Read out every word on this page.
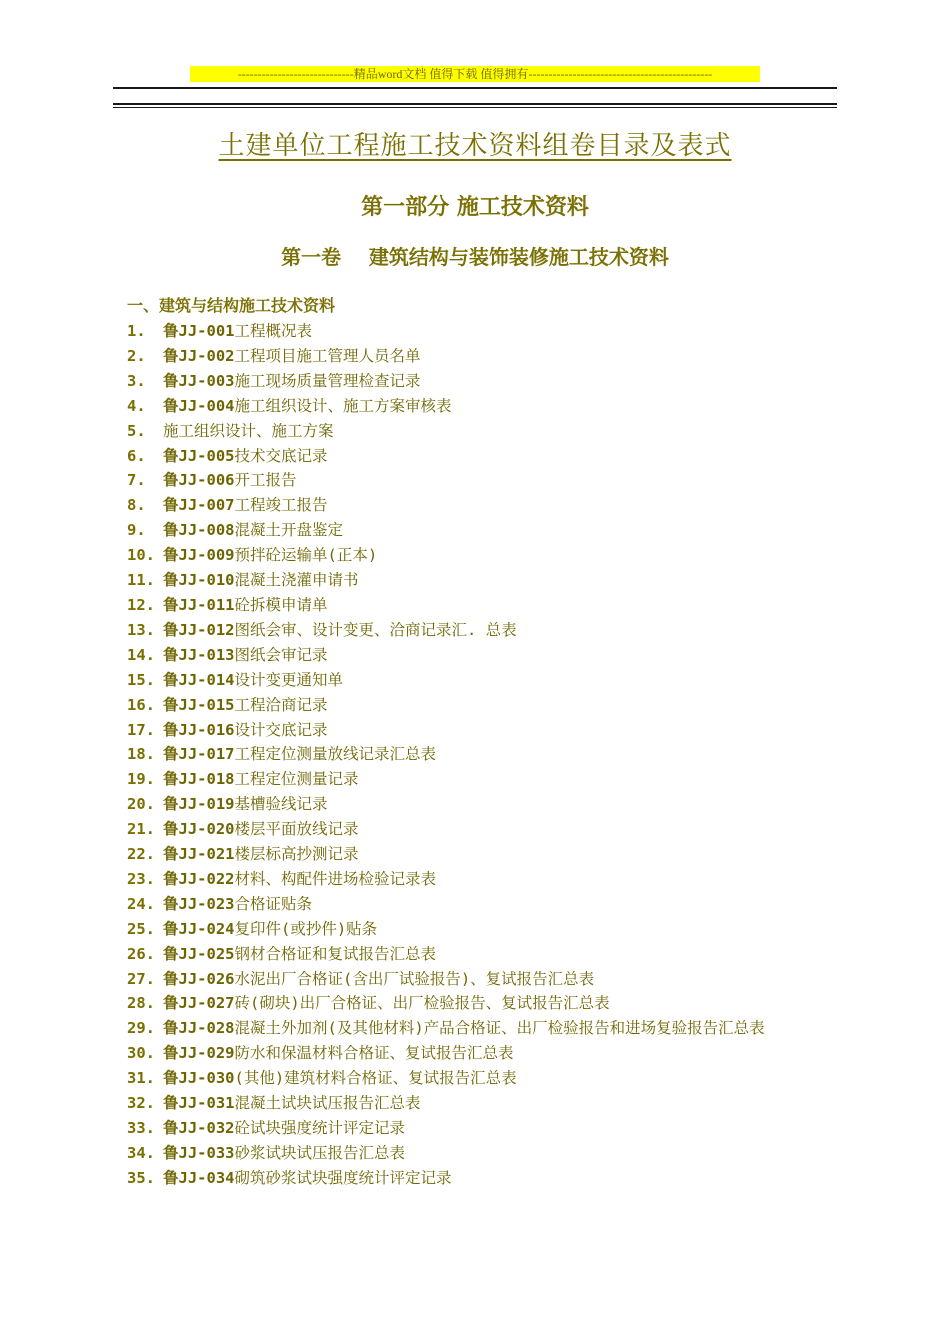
-----------------------------精品word文档 值得下载 值得拥有----------------------------------------------
土建单位工程施工技术资料组卷目录及表式
第一部分 施工技术资料
第一卷    建筑结构与装饰装修施工技术资料
一、建筑与结构施工技术资料
1.	鲁JJ-001工程概况表
2.	鲁JJ-002工程项目施工管理人员名单
3.	鲁JJ-003施工现场质量管理检查记录
4.	鲁JJ-004施工组织设计、施工方案审核表
5.	施工组织设计、施工方案
6.	鲁JJ-005技术交底记录
7.	鲁JJ-006开工报告
8.	鲁JJ-007工程竣工报告
9.	鲁JJ-008混凝土开盘鉴定
10. 鲁JJ-009预拌砼运输单(正本)
11. 鲁JJ-010混凝土浇灌申请书
12. 鲁JJ-011砼拆模申请单
13. 鲁JJ-012图纸会审、设计变更、洽商记录汇. 总表
14. 鲁JJ-013图纸会审记录
15. 鲁JJ-014设计变更通知单
16. 鲁JJ-015工程洽商记录
17. 鲁JJ-016设计交底记录
18. 鲁JJ-017工程定位测量放线记录汇总表
19. 鲁JJ-018工程定位测量记录
20. 鲁JJ-019基槽验线记录
21. 鲁JJ-020楼层平面放线记录
22. 鲁JJ-021楼层标高抄测记录
23. 鲁JJ-022材料、构配件进场检验记录表
24. 鲁JJ-023合格证贴条
25. 鲁JJ-024复印件(或抄件)贴条
26. 鲁JJ-025钢材合格证和复试报告汇总表
27. 鲁JJ-026水泥出厂合格证(含出厂试验报告)、复试报告汇总表
28. 鲁JJ-027砖(砌块)出厂合格证、出厂检验报告、复试报告汇总表
29. 鲁JJ-028混凝土外加剂(及其他材料)产品合格证、出厂检验报告和进场复验报告汇总表
30. 鲁JJ-029防水和保温材料合格证、复试报告汇总表
31. 鲁JJ-030(其他)建筑材料合格证、复试报告汇总表
32. 鲁JJ-031混凝土试块试压报告汇总表
33. 鲁JJ-032砼试块强度统计评定记录
34. 鲁JJ-033砂浆试块试压报告汇总表
35. 鲁JJ-034砌筑砂浆试块强度统计评定记录
